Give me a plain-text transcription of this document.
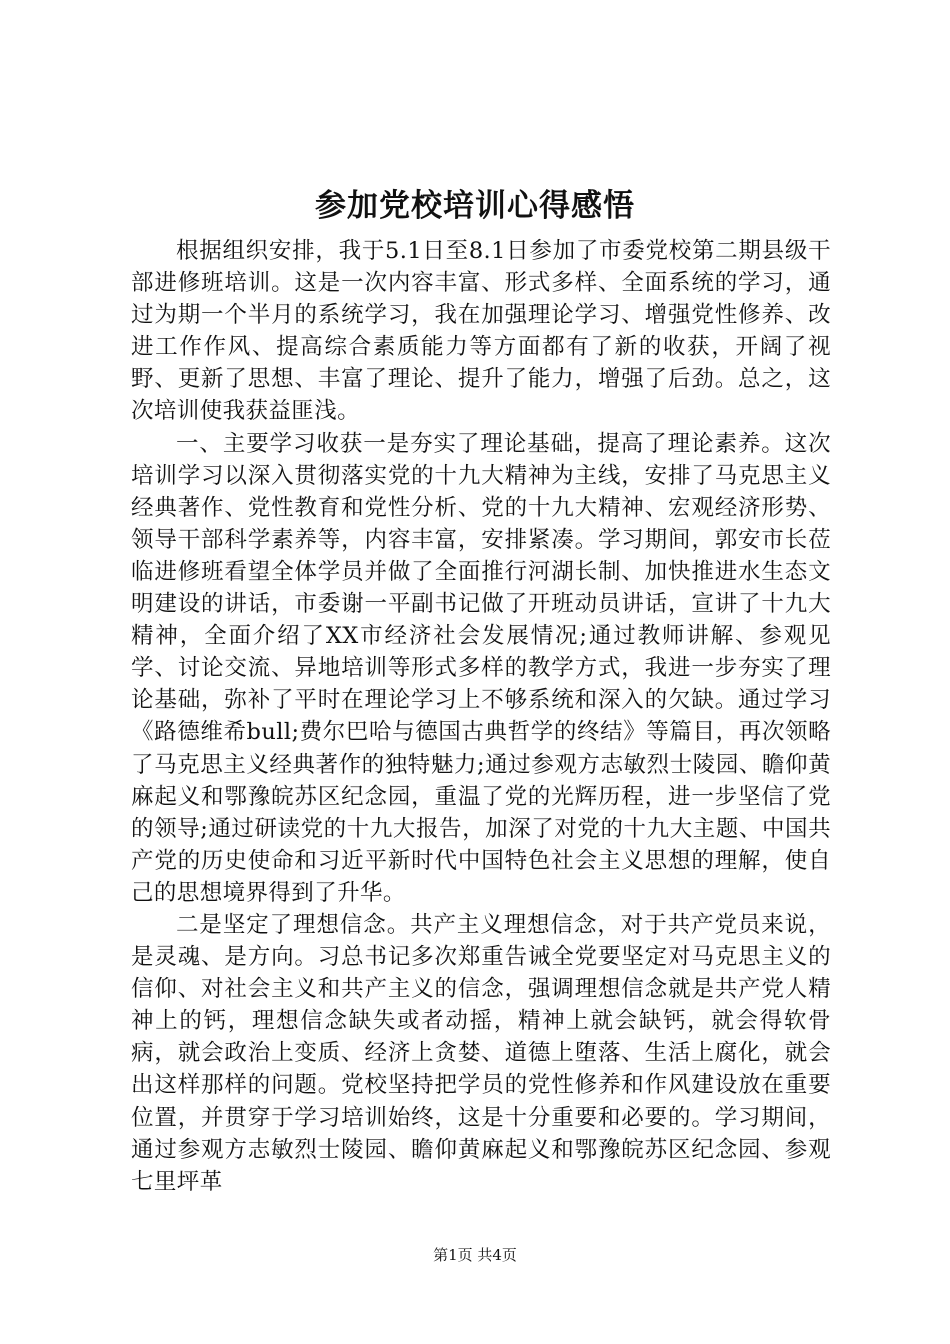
参加党校培训心得感悟

根据组织安排，我于5.1日至8.1日参加了市委党校第二期县级干部进修班培训。这是一次内容丰富、形式多样、全面系统的学习，通过为期一个半月的系统学习，我在加强理论学习、增强党性修养、改进工作作风、提高综合素质能力等方面都有了新的收获，开阔了视野、更新了思想、丰富了理论、提升了能力，增强了后劲。总之，这次培训使我获益匪浅。

一、主要学习收获一是夯实了理论基础，提高了理论素养。这次培训学习以深入贯彻落实党的十九大精神为主线，安排了马克思主义经典著作、党性教育和党性分析、党的十九大精神、宏观经济形势、领导干部科学素养等，内容丰富，安排紧凑。学习期间，郭安市长莅临进修班看望全体学员并做了全面推行河湖长制、加快推进水生态文明建设的讲话，市委谢一平副书记做了开班动员讲话，宣讲了十九大精神，全面介绍了XX市经济社会发展情况;通过教师讲解、参观见学、讨论交流、异地培训等形式多样的教学方式，我进一步夯实了理论基础，弥补了平时在理论学习上不够系统和深入的欠缺。通过学习《路德维希bull;费尔巴哈与德国古典哲学的终结》等篇目，再次领略了马克思主义经典著作的独特魅力;通过参观方志敏烈士陵园、瞻仰黄麻起义和鄂豫皖苏区纪念园，重温了党的光辉历程，进一步坚信了党的领导;通过研读党的十九大报告，加深了对党的十九大主题、中国共产党的历史使命和习近平新时代中国特色社会主义思想的理解，使自己的思想境界得到了升华。

二是坚定了理想信念。共产主义理想信念，对于共产党员来说，是灵魂、是方向。习总书记多次郑重告诫全党要坚定对马克思主义的信仰、对社会主义和共产主义的信念，强调理想信念就是共产党人精神上的钙，理想信念缺失或者动摇，精神上就会缺钙，就会得软骨病，就会政治上变质、经济上贪婪、道德上堕落、生活上腐化，就会出这样那样的问题。党校坚持把学员的党性修养和作风建设放在重要位置，并贯穿于学习培训始终，这是十分重要和必要的。学习期间，通过参观方志敏烈士陵园、瞻仰黄麻起义和鄂豫皖苏区纪念园、参观七里坪革

第1页 共4页
